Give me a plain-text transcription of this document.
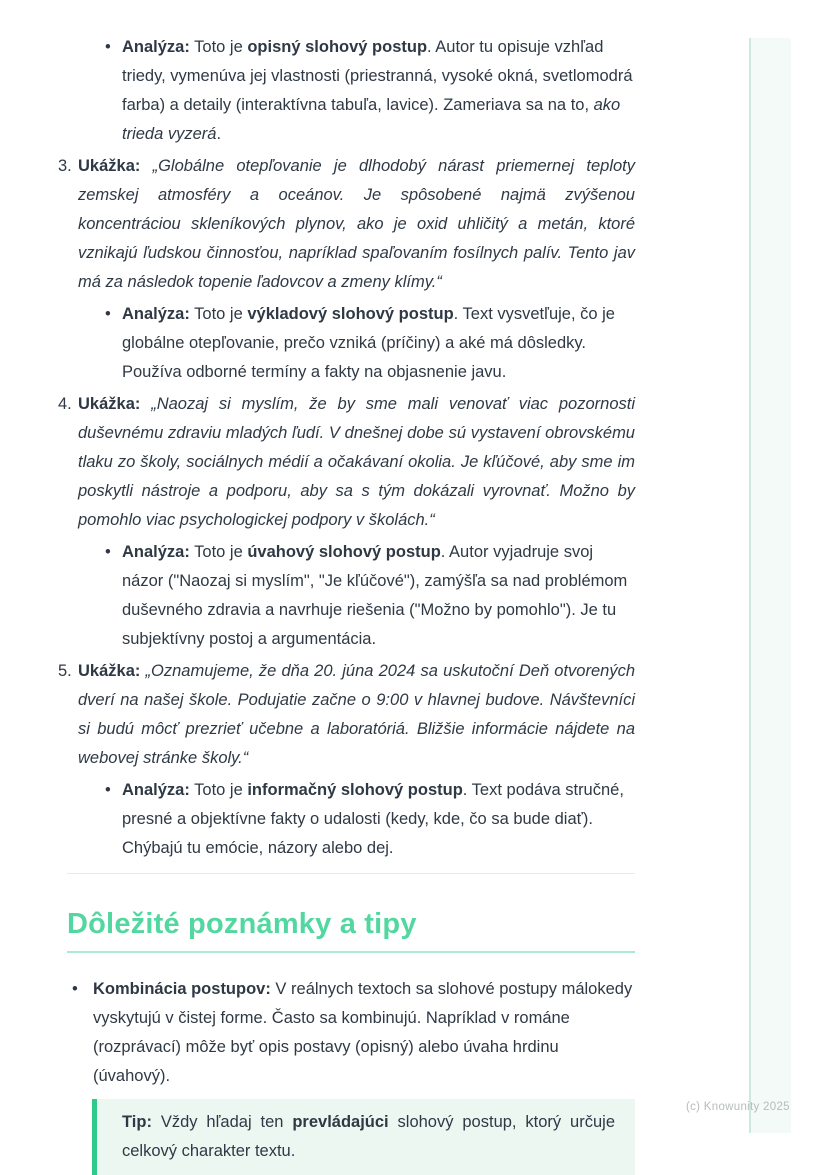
• Analýza: Toto je opisný slohový postup. Autor tu opisuje vzhľad triedy, vymenúva jej vlastnosti (priestranná, vysoké okná, svetlomodrá farba) a detaily (interaktívna tabuľa, lavice). Zameriava sa na to, ako trieda vyzerá.
3. Ukážka: „Globálne otepľovanie je dlhodobý nárast priemernej teploty zemskej atmosféry a oceánov. Je spôsobené najmä zvýšenou koncentráciou skleníkových plynov, ako je oxid uhličitý a metán, ktoré vznikajú ľudskou činnosťou, napríklad spaľovaním fosílnych palív. Tento jav má za následok topenie ľadovcov a zmeny klímy.“
• Analýza: Toto je výkladový slohový postup. Text vysvetľuje, čo je globálne otepľovanie, prečo vzniká (príčiny) a aké má dôsledky. Používa odborné termíny a fakty na objasnenie javu.
4. Ukážka: „Naozaj si myslím, že by sme mali venovať viac pozornosti duševnému zdraviu mladých ľudí. V dnešnej dobe sú vystavení obrovskému tlaku zo školy, sociálnych médií a očakávaní okolia. Je kľúčové, aby sme im poskytli nástroje a podporu, aby sa s tým dokázali vyrovnať. Možno by pomohlo viac psychologickej podpory v školách.“
• Analýza: Toto je úvahový slohový postup. Autor vyjadruje svoj názor ("Naozaj si myslím", "Je kľúčové"), zamýšľa sa nad problémom duševného zdravia a navrhuje riešenia ("Možno by pomohlo"). Je tu subjektívny postoj a argumentácia.
5. Ukážka: „Oznamujeme, že dňa 20. júna 2024 sa uskutoční Deň otvorených dverí na našej škole. Podujatie začne o 9:00 v hlavnej budove. Návštevníci si budú môcť prezrieť učebne a laboratóriá. Bližšie informácie nájdete na webovej stránke školy.“
• Analýza: Toto je informačný slohový postup. Text podáva stručné, presné a objektívne fakty o udalosti (kedy, kde, čo sa bude diať). Chýbajú tu emócie, názory alebo dej.
Dôležité poznámky a tipy
• Kombinácia postupov: V reálnych textoch sa slohové postupy málokedy vyskytujú v čistej forme. Často sa kombinujú. Napríklad v románe (rozprávací) môže byť opis postavy (opisný) alebo úvaha hrdinu (úvahový).
Tip: Vždy hľadaj ten prevládajúci slohový postup, ktorý určuje celkový charakter textu.
(c) Knowunity 2025
